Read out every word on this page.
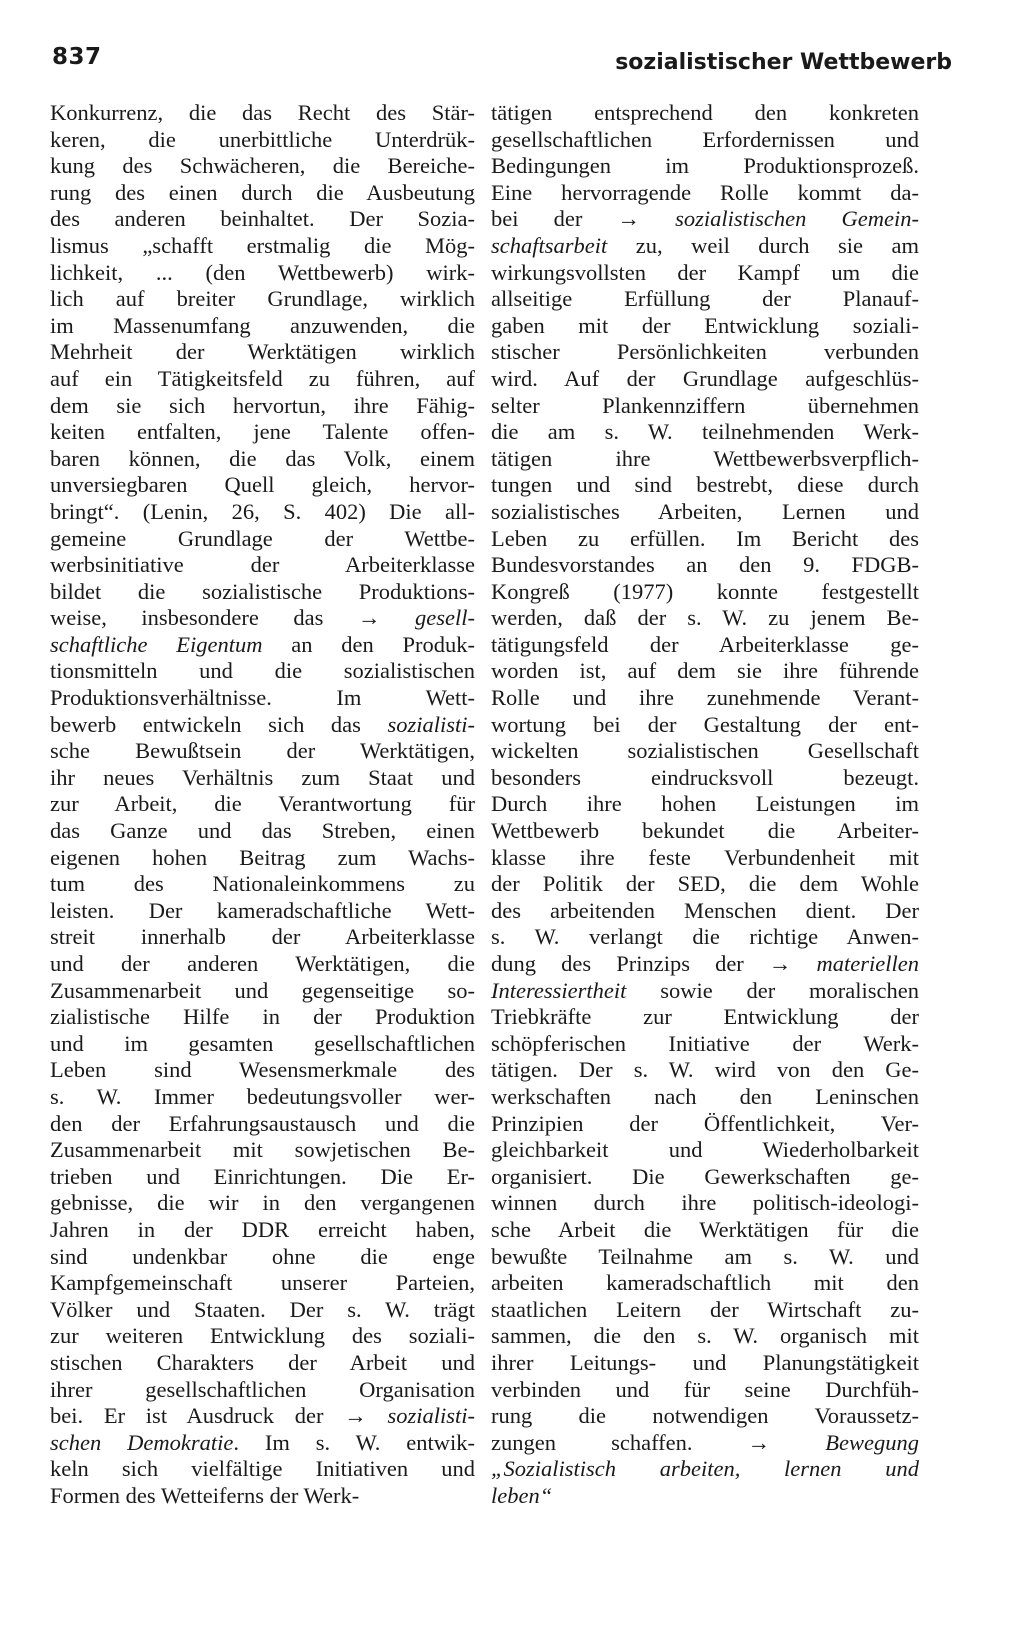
837	sozialistischer Wettbewerb
Konkurrenz, die das Recht des Stär-
keren, die unerbittliche Unterdrük-
kung des Schwächeren, die Bereiche-
rung des einen durch die Ausbeutung
des anderen beinhaltet. Der Sozia-
lismus „schafft erstmalig die Mög-
lichkeit, ... (den Wettbewerb) wirk-
lich auf breiter Grundlage, wirklich
im Massenumfang anzuwenden, die
Mehrheit der Werktätigen wirklich
auf ein Tätigkeitsfeld zu führen, auf
dem sie sich hervortun, ihre Fähig-
keiten entfalten, jene Talente offen-
baren können, die das Volk, einem
unversiegbaren Quell gleich, hervor-
bringt“. (Lenin, 26, S. 402) Die all-
gemeine Grundlage der Wettbe-
werbsinitiative der Arbeiterklasse
bildet die sozialistische Produktions-
weise, insbesondere das → gesell-
schaftliche Eigentum an den Produk-
tionsmitteln und die sozialistischen
Produktionsverhältnisse. Im Wett-
bewerb entwickeln sich das sozialisti-
sche Bewußtsein der Werktätigen,
ihr neues Verhältnis zum Staat und
zur Arbeit, die Verantwortung für
das Ganze und das Streben, einen
eigenen hohen Beitrag zum Wachs-
tum des Nationaleinkommens zu
leisten. Der kameradschaftliche Wett-
streit innerhalb der Arbeiterklasse
und der anderen Werktätigen, die
Zusammenarbeit und gegenseitige so-
zialistische Hilfe in der Produktion
und im gesamten gesellschaftlichen
Leben sind Wesensmerkmale des
s. W. Immer bedeutungsvoller wer-
den der Erfahrungsaustausch und die
Zusammenarbeit mit sowjetischen Be-
trieben und Einrichtungen. Die Er-
gebnisse, die wir in den vergangenen
Jahren in der DDR erreicht haben,
sind undenkbar ohne die enge
Kampfgemeinschaft unserer Parteien,
Völker und Staaten. Der s. W. trägt
zur weiteren Entwicklung des soziali-
stischen Charakters der Arbeit und
ihrer gesellschaftlichen Organisation
bei. Er ist Ausdruck der → sozialisti-
schen Demokratie. Im s. W. entwik-
keln sich vielfältige Initiativen und
Formen des Wetteiferns der Werk-
tätigen entsprechend den konkreten
gesellschaftlichen Erfordernissen und
Bedingungen im Produktionsprozeß.
Eine hervorragende Rolle kommt da-
bei der → sozialistischen Gemein-
schaftsarbeit zu, weil durch sie am
wirkungsvollsten der Kampf um die
allseitige Erfüllung der Planauf-
gaben mit der Entwicklung soziali-
stischer Persönlichkeiten verbunden
wird. Auf der Grundlage aufgeschlüs-
selter Plankennziffern übernehmen
die am s. W. teilnehmenden Werk-
tätigen ihre Wettbewerbsverpflich-
tungen und sind bestrebt, diese durch
sozialistisches Arbeiten, Lernen und
Leben zu erfüllen. Im Bericht des
Bundesvorstandes an den 9. FDGB-
Kongreß (1977) konnte festgestellt
werden, daß der s. W. zu jenem Be-
tätigungsfeld der Arbeiterklasse ge-
worden ist, auf dem sie ihre führende
Rolle und ihre zunehmende Verant-
wortung bei der Gestaltung der ent-
wickelten sozialistischen Gesellschaft
besonders eindrucksvoll bezeugt.
Durch ihre hohen Leistungen im
Wettbewerb bekundet die Arbeiter-
klasse ihre feste Verbundenheit mit
der Politik der SED, die dem Wohle
des arbeitenden Menschen dient. Der
s. W. verlangt die richtige Anwen-
dung des Prinzips der → materiellen
Interessiertheit sowie der moralischen
Triebkräfte zur Entwicklung der
schöpferischen Initiative der Werk-
tätigen. Der s. W. wird von den Ge-
werkschaften nach den Leninschen
Prinzipien der Öffentlichkeit, Ver-
gleichbarkeit und Wiederholbarkeit
organisiert. Die Gewerkschaften ge-
winnen durch ihre politisch-ideologi-
sche Arbeit die Werktätigen für die
bewußte Teilnahme am s. W. und
arbeiten kameradschaftlich mit den
staatlichen Leitern der Wirtschaft zu-
sammen, die den s. W. organisch mit
ihrer Leitungs- und Planungstätigkeit
verbinden und für seine Durchfüh-
rung die notwendigen Voraussetz-
zungen schaffen. → Bewegung
„Sozialistisch arbeiten, lernen und
leben“
